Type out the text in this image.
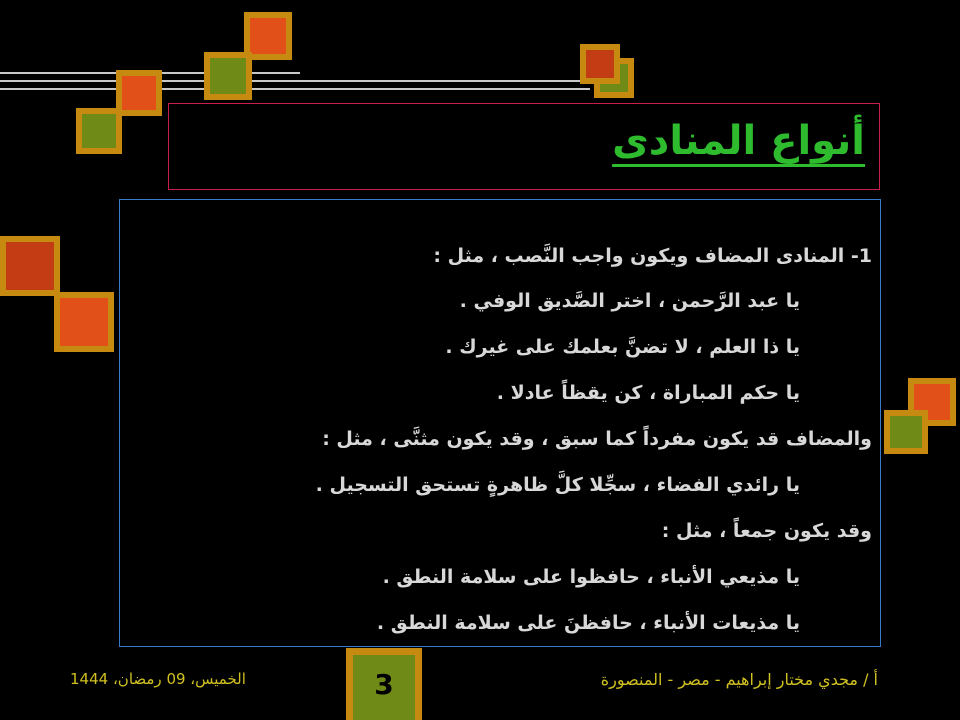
أنواع المنادى
1- المنادى المضاف ويكون واجب النَّصب ، مثل :
يا عبد الرَّحمن ، اختر الصَّديق الوفي .
يا ذا العلم ، لا تضنَّ بعلمك على غيرك .
يا حكم المباراة ، كن يقظاً عادلا .
والمضاف قد يكون مفرداً كما سبق ، وقد يكون مثنَّى ، مثل :
يا رائدي الفضاء ، سجِّلا كلَّ ظاهرةٍ تستحق التسجيل .
وقد يكون جمعاً ، مثل :
يا مذيعي الأنباء ، حافظوا على سلامة النطق .
يا مذيعات الأنباء ، حافظنَ على سلامة النطق .
الخميس، 09 رمضان، 1444	3	أ / مجدي مختار إبراهيم - مصر - المنصورة
